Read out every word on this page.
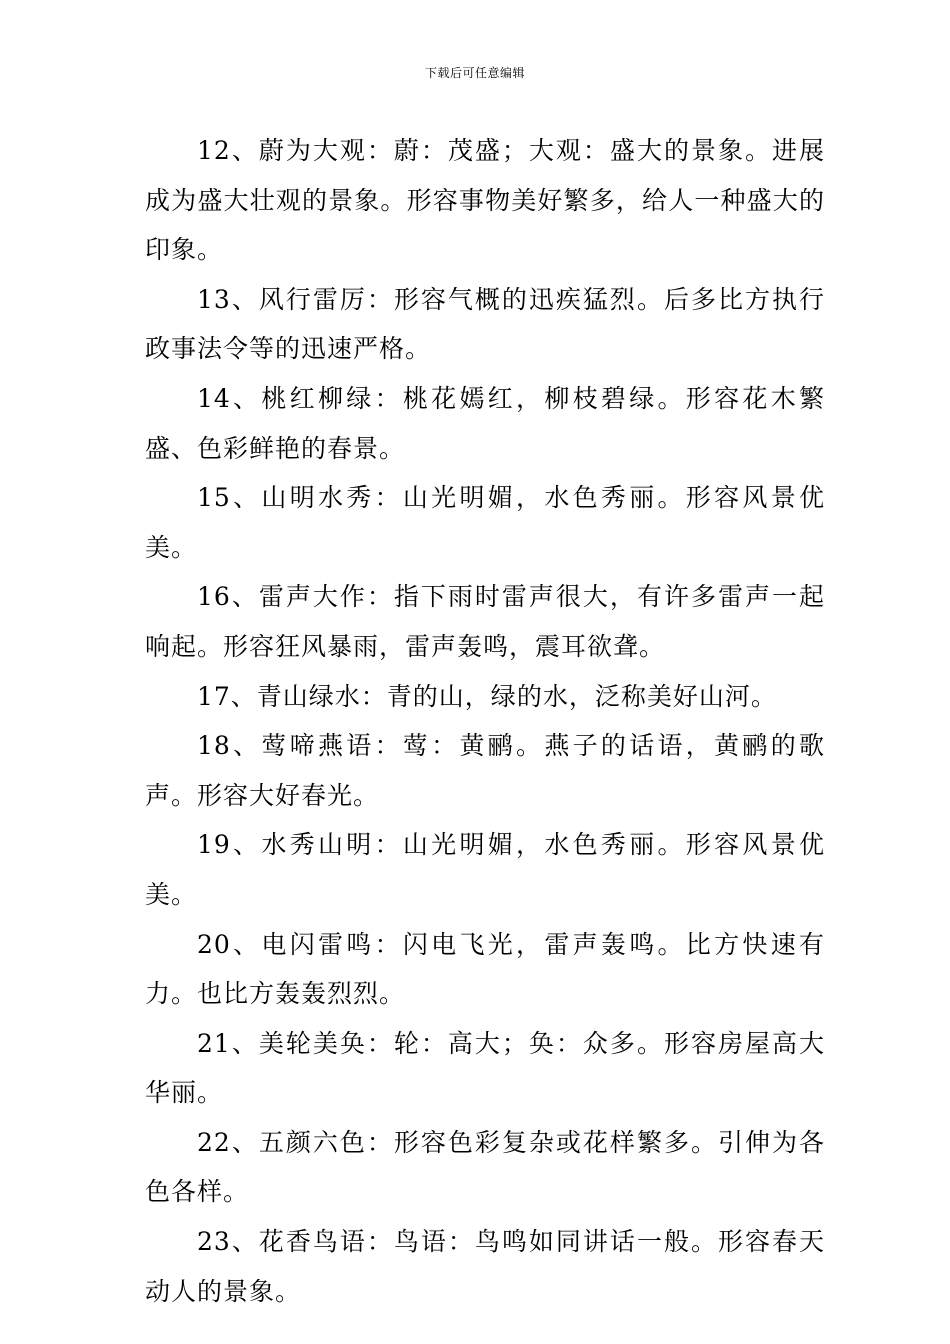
下载后可任意编辑

12、蔚为大观：蔚：茂盛；大观：盛大的景象。进展成为盛大壮观的景象。形容事物美好繁多，给人一种盛大的印象。

13、风行雷厉：形容气概的迅疾猛烈。后多比方执行政事法令等的迅速严格。

14、桃红柳绿：桃花嫣红，柳枝碧绿。形容花木繁盛、色彩鲜艳的春景。

15、山明水秀：山光明媚，水色秀丽。形容风景优美。

16、雷声大作：指下雨时雷声很大，有许多雷声一起响起。形容狂风暴雨，雷声轰鸣，震耳欲聋。

17、青山绿水：青的山，绿的水，泛称美好山河。

18、莺啼燕语：莺：黄鹂。燕子的话语，黄鹂的歌声。形容大好春光。

19、水秀山明：山光明媚，水色秀丽。形容风景优美。

20、电闪雷鸣：闪电飞光，雷声轰鸣。比方快速有力。也比方轰轰烈烈。

21、美轮美奂：轮：高大；奂：众多。形容房屋高大华丽。

22、五颜六色：形容色彩复杂或花样繁多。引伸为各色各样。

23、花香鸟语：鸟语：鸟鸣如同讲话一般。形容春天动人的景象。
